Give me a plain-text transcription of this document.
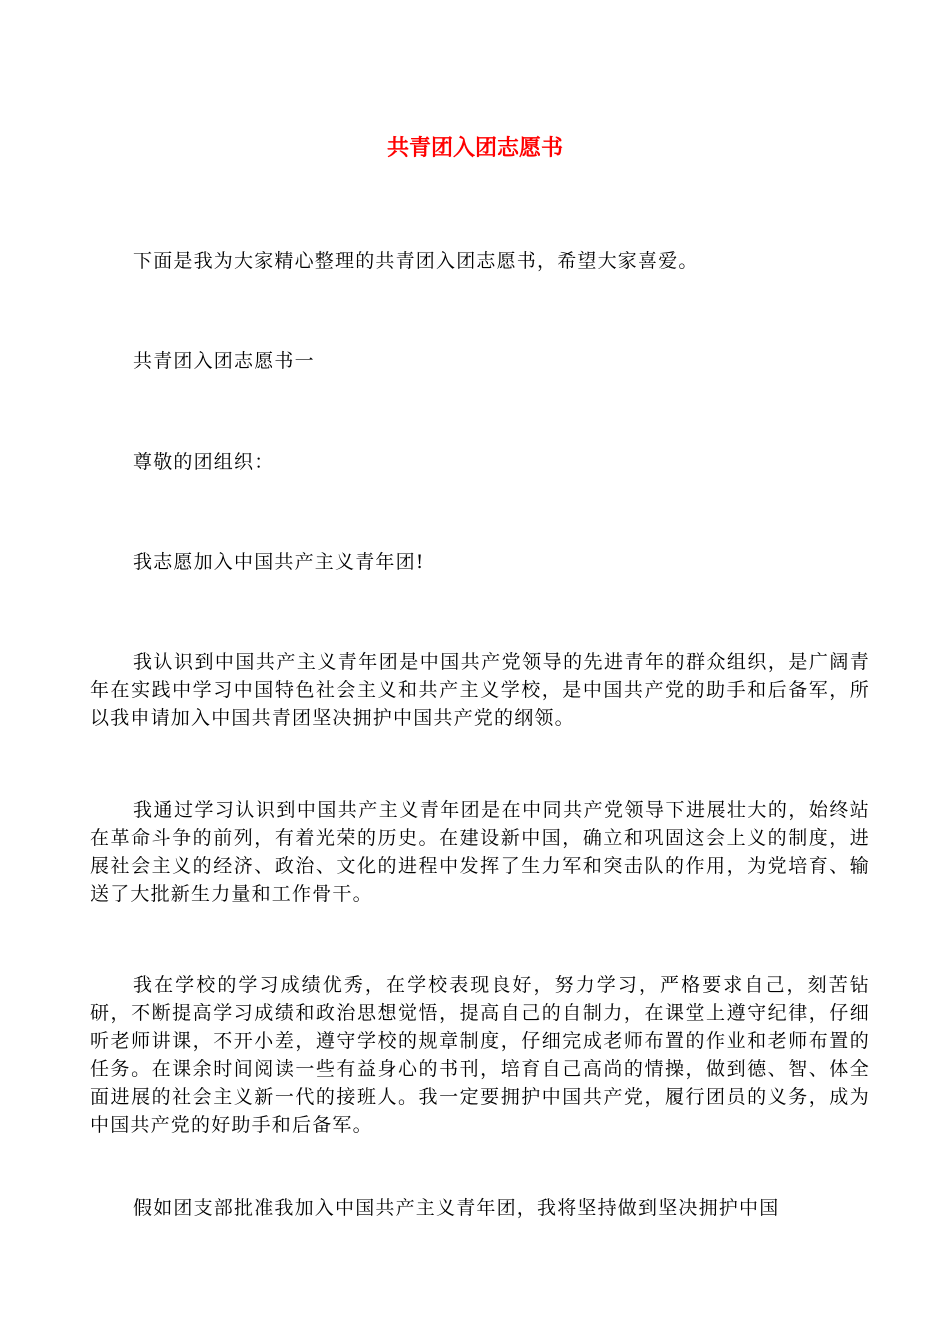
共青团入团志愿书

下面是我为大家精心整理的共青团入团志愿书，希望大家喜爱。

共青团入团志愿书一

尊敬的团组织：

我志愿加入中国共产主义青年团!

我认识到中国共产主义青年团是中国共产党领导的先进青年的群众组织，是广阔青年在实践中学习中国特色社会主义和共产主义学校，是中国共产党的助手和后备军，所以我申请加入中国共青团坚决拥护中国共产党的纲领。

我通过学习认识到中国共产主义青年团是在中同共产党领导下进展壮大的，始终站在革命斗争的前列，有着光荣的历史。在建设新中国，确立和巩固这会上义的制度，进展社会主义的经济、政治、文化的进程中发挥了生力军和突击队的作用，为党培育、输送了大批新生力量和工作骨干。

我在学校的学习成绩优秀，在学校表现良好，努力学习，严格要求自己，刻苦钻研，不断提高学习成绩和政治思想觉悟，提高自己的自制力，在课堂上遵守纪律，仔细听老师讲课，不开小差，遵守学校的规章制度，仔细完成老师布置的作业和老师布置的任务。在课余时间阅读一些有益身心的书刊，培育自己高尚的情操，做到德、智、体全面进展的社会主义新一代的接班人。我一定要拥护中国共产党，履行团员的义务，成为中国共产党的好助手和后备军。

假如团支部批准我加入中国共产主义青年团，我将坚持做到坚决拥护中国
